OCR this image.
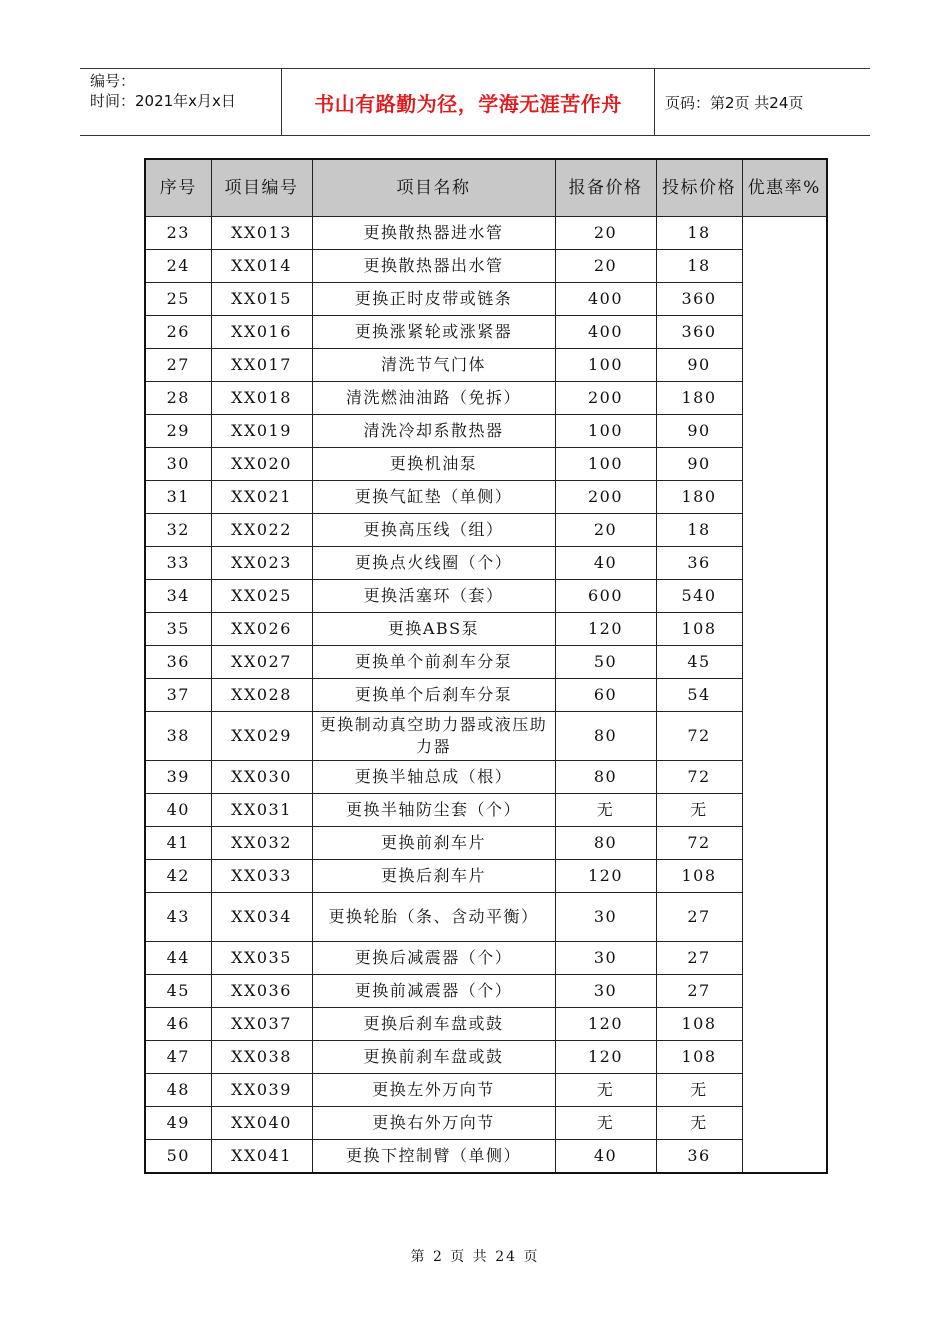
编号：
时间：2021年x月x日	书山有路勤为径，学海无涯苦作舟	页码：第2页 共24页
序号	项目编号	项目名称	报备价格	投标价格	优惠率%
23	XX013	更换散热器进水管	20	18	
24	XX014	更换散热器出水管	20	18	
25	XX015	更换正时皮带或链条	400	360	
26	XX016	更换涨紧轮或涨紧器	400	360	
27	XX017	清洗节气门体	100	90	
28	XX018	清洗燃油油路（免拆）	200	180	
29	XX019	清洗冷却系散热器	100	90	
30	XX020	更换机油泵	100	90	
31	XX021	更换气缸垫（单侧）	200	180	
32	XX022	更换高压线（组）	20	18	
33	XX023	更换点火线圈（个）	40	36	
34	XX025	更换活塞环（套）	600	540	
35	XX026	更换ABS泵	120	108	
36	XX027	更换单个前刹车分泵	50	45	
37	XX028	更换单个后刹车分泵	60	54	
38	XX029	更换制动真空助力器或液压助力器	80	72	
39	XX030	更换半轴总成（根）	80	72	
40	XX031	更换半轴防尘套（个）	无	无	
41	XX032	更换前刹车片	80	72	
42	XX033	更换后刹车片	120	108	
43	XX034	更换轮胎（条、含动平衡）	30	27	
44	XX035	更换后减震器（个）	30	27	
45	XX036	更换前减震器（个）	30	27	
46	XX037	更换后刹车盘或鼓	120	108	
47	XX038	更换前刹车盘或鼓	120	108	
48	XX039	更换左外万向节	无	无	
49	XX040	更换右外万向节	无	无	
50	XX041	更换下控制臂（单侧）	40	36	
第 2 页 共 24 页
